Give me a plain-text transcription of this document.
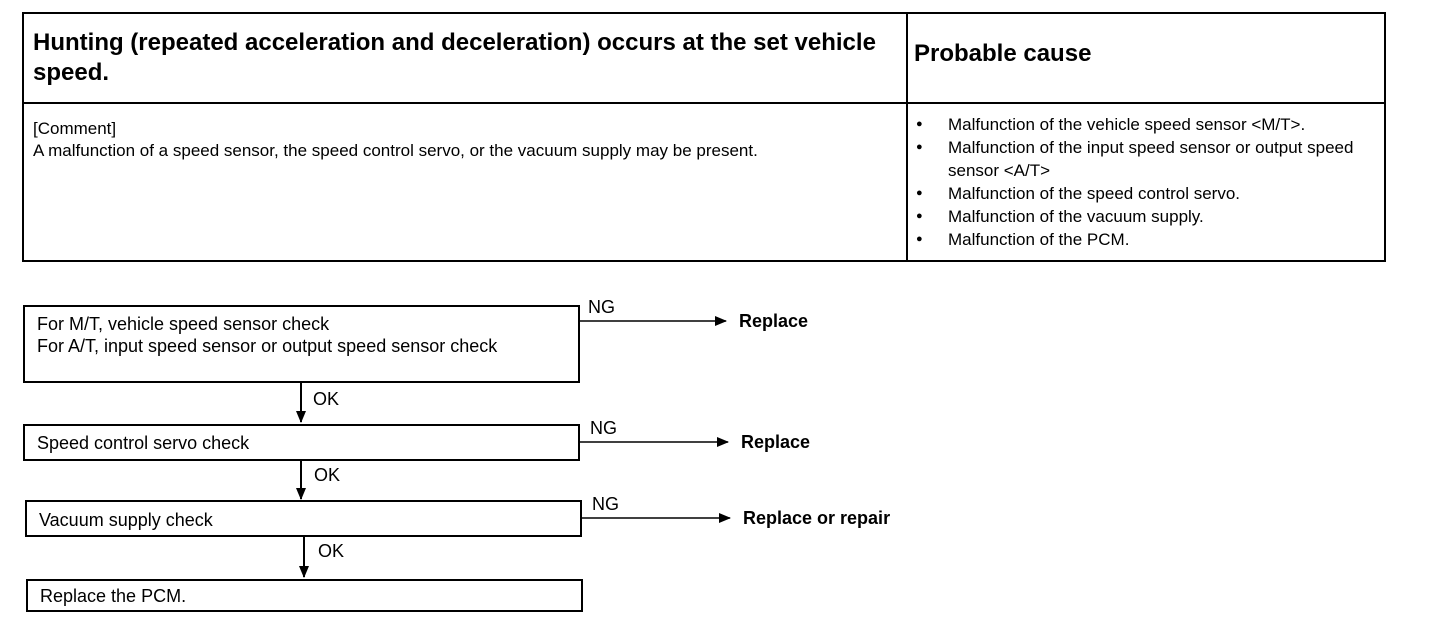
Hunting (repeated acceleration and deceleration) occurs at the set vehicle speed.
Probable cause
[Comment]
A malfunction of a speed sensor, the speed control servo, or the vacuum supply may be present.
● Malfunction of the vehicle speed sensor <M/T>.
● Malfunction of the input speed sensor or output speed sensor <A/T>
● Malfunction of the speed control servo.
● Malfunction of the vacuum supply.
● Malfunction of the PCM.
For M/T, vehicle speed sensor check
For A/T, input speed sensor or output speed sensor check
Speed control servo check
Vacuum supply check
Replace the PCM.
NG
NG
NG
OK
OK
OK
Replace
Replace
Replace or repair
